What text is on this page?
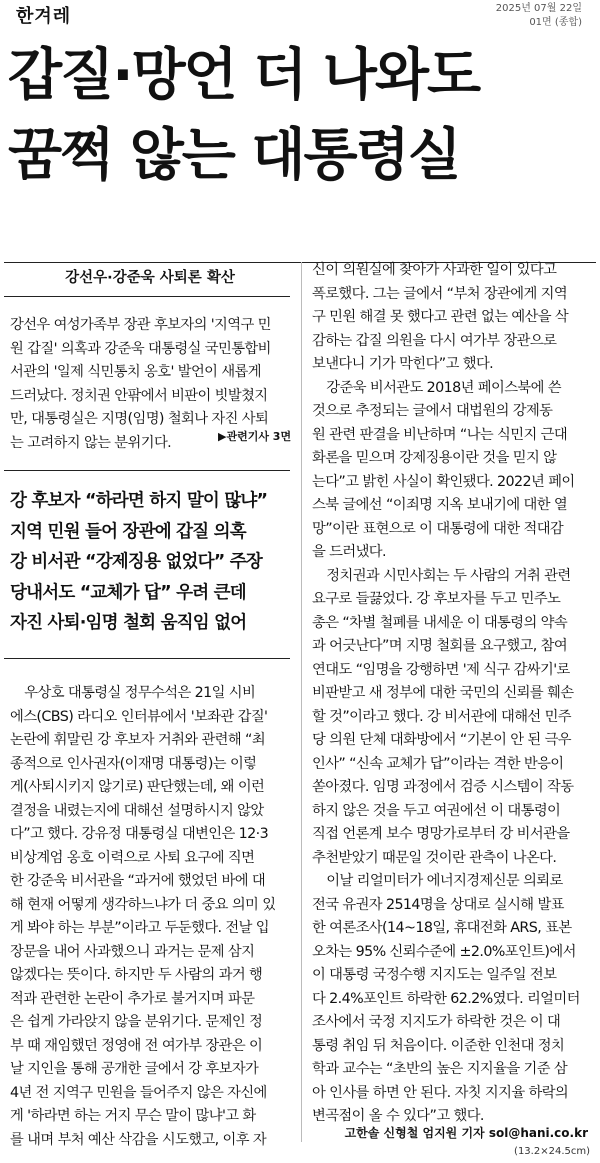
한겨레	2025년 07월 22일
01면 (종합)
갑질·망언 더 나와도
꿈쩍 않는 대통령실
강선우·강준욱 사퇴론 확산
강선우 여성가족부 장관 후보자의 '지역구 민
원 갑질' 의혹과 강준욱 대통령실 국민통합비
서관의 '일제 식민통치 옹호' 발언이 새롭게
드러났다. 정치권 안팎에서 비판이 빗발쳤지
만, 대통령실은 지명(임명) 철회나 자진 사퇴
는 고려하지 않는 분위기다.	▶관련기사 3면
강 후보자 “하라면 하지 말이 많냐”
지역 민원 들어 장관에 갑질 의혹
강 비서관 “강제징용 없었다” 주장
당내서도 “교체가 답” 우려 큰데
자진 사퇴·임명 철회 움직임 없어
우상호 대통령실 정무수석은 21일 시비
에스(CBS) 라디오 인터뷰에서 '보좌관 갑질'
논란에 휘말린 강 후보자 거취와 관련해 “최
종적으로 인사권자(이재명 대통령)는 이렇
게(사퇴시키지 않기로) 판단했는데, 왜 이런
결정을 내렸는지에 대해선 설명하시지 않았
다”고 했다. 강유정 대통령실 대변인은 12·3
비상계엄 옹호 이력으로 사퇴 요구에 직면
한 강준욱 비서관을 “과거에 했었던 바에 대
해 현재 어떻게 생각하느냐가 더 중요 의미 있
게 봐야 하는 부분”이라고 두둔했다. 전날 입
장문을 내어 사과했으니 과거는 문제 삼지
않겠다는 뜻이다. 하지만 두 사람의 과거 행
적과 관련한 논란이 추가로 불거지며 파문
은 쉽게 가라앉지 않을 분위기다. 문제인 정
부 때 재임했던 정영애 전 여가부 장관은 이
날 지인을 통해 공개한 글에서 강 후보자가
4년 전 지역구 민원을 들어주지 않은 자신에
게 '하라면 하는 거지 무슨 말이 많냐'고 화
를 내며 부처 예산 삭감을 시도했고, 이후 자
신이 의원실에 찾아가 사과한 일이 있다고
폭로했다. 그는 글에서 “부처 장관에게 지역
구 민원 해결 못 했다고 관련 없는 예산을 삭
감하는 갑질 의원을 다시 여가부 장관으로
보낸다니 기가 막힌다”고 했다.
강준욱 비서관도 2018년 페이스북에 쓴
것으로 추정되는 글에서 대법원의 강제동
원 관련 판결을 비난하며 “나는 식민지 근대
화론을 믿으며 강제징용이란 것을 믿지 않
는다”고 밝힌 사실이 확인됐다. 2022년 페이
스북 글에선 “이죄명 지옥 보내기에 대한 열
망”이란 표현으로 이 대통령에 대한 적대감
을 드러냈다.
정치권과 시민사회는 두 사람의 거취 관련
요구로 들끓었다. 강 후보자를 두고 민주노
총은 “차별 철폐를 내세운 이 대통령의 약속
과 어긋난다”며 지명 철회를 요구했고, 참여
연대도 “임명을 강행하면 '제 식구 감싸기'로
비판받고 새 정부에 대한 국민의 신뢰를 훼손
할 것”이라고 했다. 강 비서관에 대해선 민주
당 의원 단체 대화방에서 “기본이 안 된 극우
인사” “신속 교체가 답”이라는 격한 반응이
쏟아졌다. 임명 과정에서 검증 시스템이 작동
하지 않은 것을 두고 여권에선 이 대통령이
직접 언론계 보수 명망가로부터 강 비서관을
추천받았기 때문일 것이란 관측이 나온다.
이날 리얼미터가 에너지경제신문 의뢰로
전국 유권자 2514명을 상대로 실시해 발표
한 여론조사(14~18일, 휴대전화 ARS, 표본
오차는 95% 신뢰수준에 ±2.0%포인트)에서
이 대통령 국정수행 지지도는 일주일 전보
다 2.4%포인트 하락한 62.2%였다. 리얼미터
조사에서 국정 지지도가 하락한 것은 이 대
통령 취임 뒤 처음이다. 이준한 인천대 정치
학과 교수는 “초반의 높은 지지율을 기준 삼
아 인사를 하면 안 된다. 자칫 지지율 하락의
변곡점이 올 수 있다”고 했다.
고한솔 신형철 엄지원 기자 sol@hani.co.kr
(13.2×24.5cm)
